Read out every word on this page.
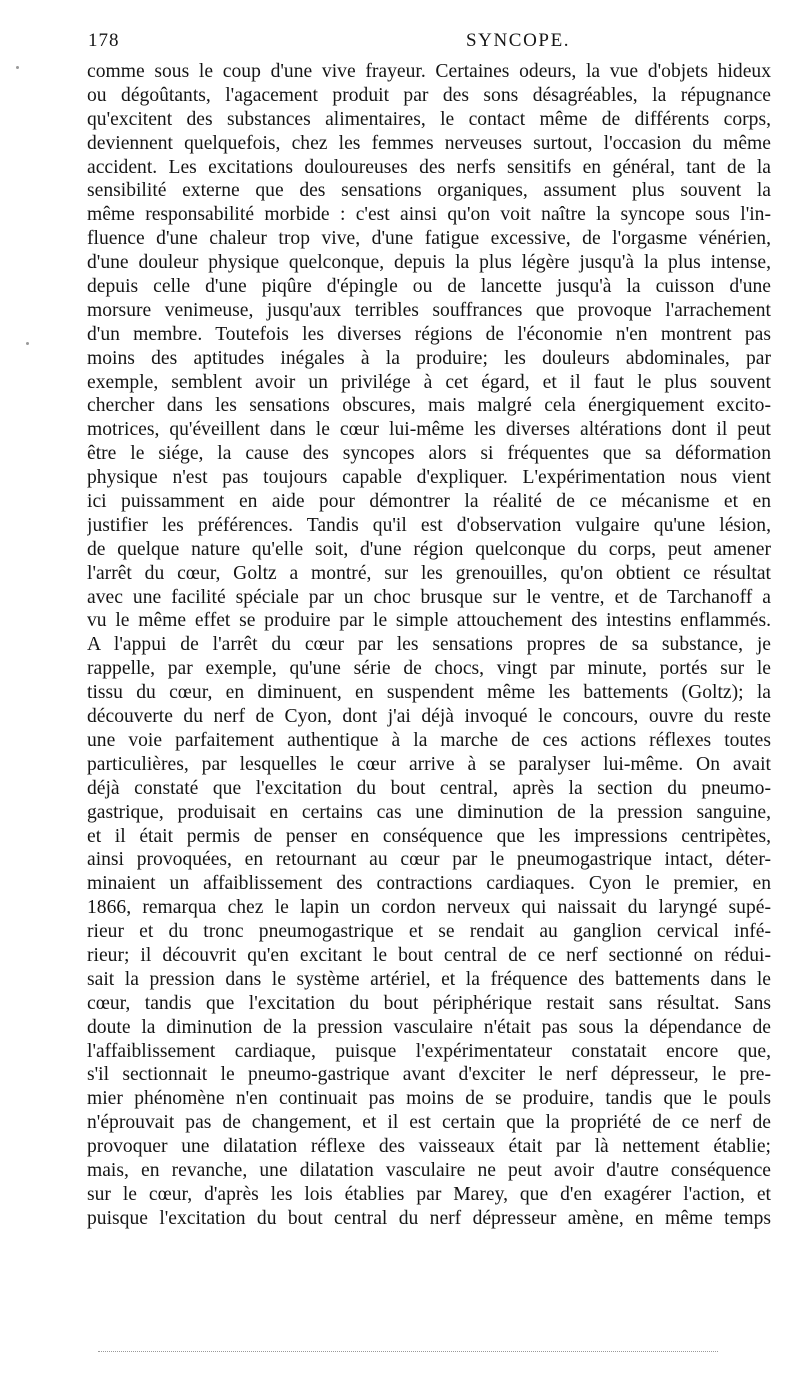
178	SYNCOPE.
comme sous le coup d'une vive frayeur. Certaines odeurs, la vue d'objets hideux
ou dégoûtants, l'agacement produit par des sons désagréables, la répugnance
qu'excitent des substances alimentaires, le contact même de différents corps,
deviennent quelquefois, chez les femmes nerveuses surtout, l'occasion du même
accident. Les excitations douloureuses des nerfs sensitifs en général, tant de la
sensibilité externe que des sensations organiques, assument plus souvent la
même responsabilité morbide : c'est ainsi qu'on voit naître la syncope sous l'in-
fluence d'une chaleur trop vive, d'une fatigue excessive, de l'orgasme vénérien,
d'une douleur physique quelconque, depuis la plus légère jusqu'à la plus intense,
depuis celle d'une piqûre d'épingle ou de lancette jusqu'à la cuisson d'une
morsure venimeuse, jusqu'aux terribles souffrances que provoque l'arrachement
d'un membre. Toutefois les diverses régions de l'économie n'en montrent pas
moins des aptitudes inégales à la produire; les douleurs abdominales, par
exemple, semblent avoir un privilége à cet égard, et il faut le plus souvent
chercher dans les sensations obscures, mais malgré cela énergiquement excito-
motrices, qu'éveillent dans le cœur lui-même les diverses altérations dont il peut
être le siége, la cause des syncopes alors si fréquentes que sa déformation
physique n'est pas toujours capable d'expliquer. L'expérimentation nous vient
ici puissamment en aide pour démontrer la réalité de ce mécanisme et en
justifier les préférences. Tandis qu'il est d'observation vulgaire qu'une lésion,
de quelque nature qu'elle soit, d'une région quelconque du corps, peut amener
l'arrêt du cœur, Goltz a montré, sur les grenouilles, qu'on obtient ce résultat
avec une facilité spéciale par un choc brusque sur le ventre, et de Tarchanoff a
vu le même effet se produire par le simple attouchement des intestins enflammés.
A l'appui de l'arrêt du cœur par les sensations propres de sa substance, je
rappelle, par exemple, qu'une série de chocs, vingt par minute, portés sur le
tissu du cœur, en diminuent, en suspendent même les battements (Goltz); la
découverte du nerf de Cyon, dont j'ai déjà invoqué le concours, ouvre du reste
une voie parfaitement authentique à la marche de ces actions réflexes toutes
particulières, par lesquelles le cœur arrive à se paralyser lui-même. On avait
déjà constaté que l'excitation du bout central, après la section du pneumo-
gastrique, produisait en certains cas une diminution de la pression sanguine,
et il était permis de penser en conséquence que les impressions centripètes,
ainsi provoquées, en retournant au cœur par le pneumogastrique intact, déter-
minaient un affaiblissement des contractions cardiaques. Cyon le premier, en
1866, remarqua chez le lapin un cordon nerveux qui naissait du laryngé supé-
rieur et du tronc pneumogastrique et se rendait au ganglion cervical infé-
rieur; il découvrit qu'en excitant le bout central de ce nerf sectionné on rédui-
sait la pression dans le système artériel, et la fréquence des battements dans le
cœur, tandis que l'excitation du bout périphérique restait sans résultat. Sans
doute la diminution de la pression vasculaire n'était pas sous la dépendance de
l'affaiblissement cardiaque, puisque l'expérimentateur constatait encore que,
s'il sectionnait le pneumo-gastrique avant d'exciter le nerf dépresseur, le pre-
mier phénomène n'en continuait pas moins de se produire, tandis que le pouls
n'éprouvait pas de changement, et il est certain que la propriété de ce nerf de
provoquer une dilatation réflexe des vaisseaux était par là nettement établie;
mais, en revanche, une dilatation vasculaire ne peut avoir d'autre conséquence
sur le cœur, d'après les lois établies par Marey, que d'en exagérer l'action, et
puisque l'excitation du bout central du nerf dépresseur amène, en même temps
